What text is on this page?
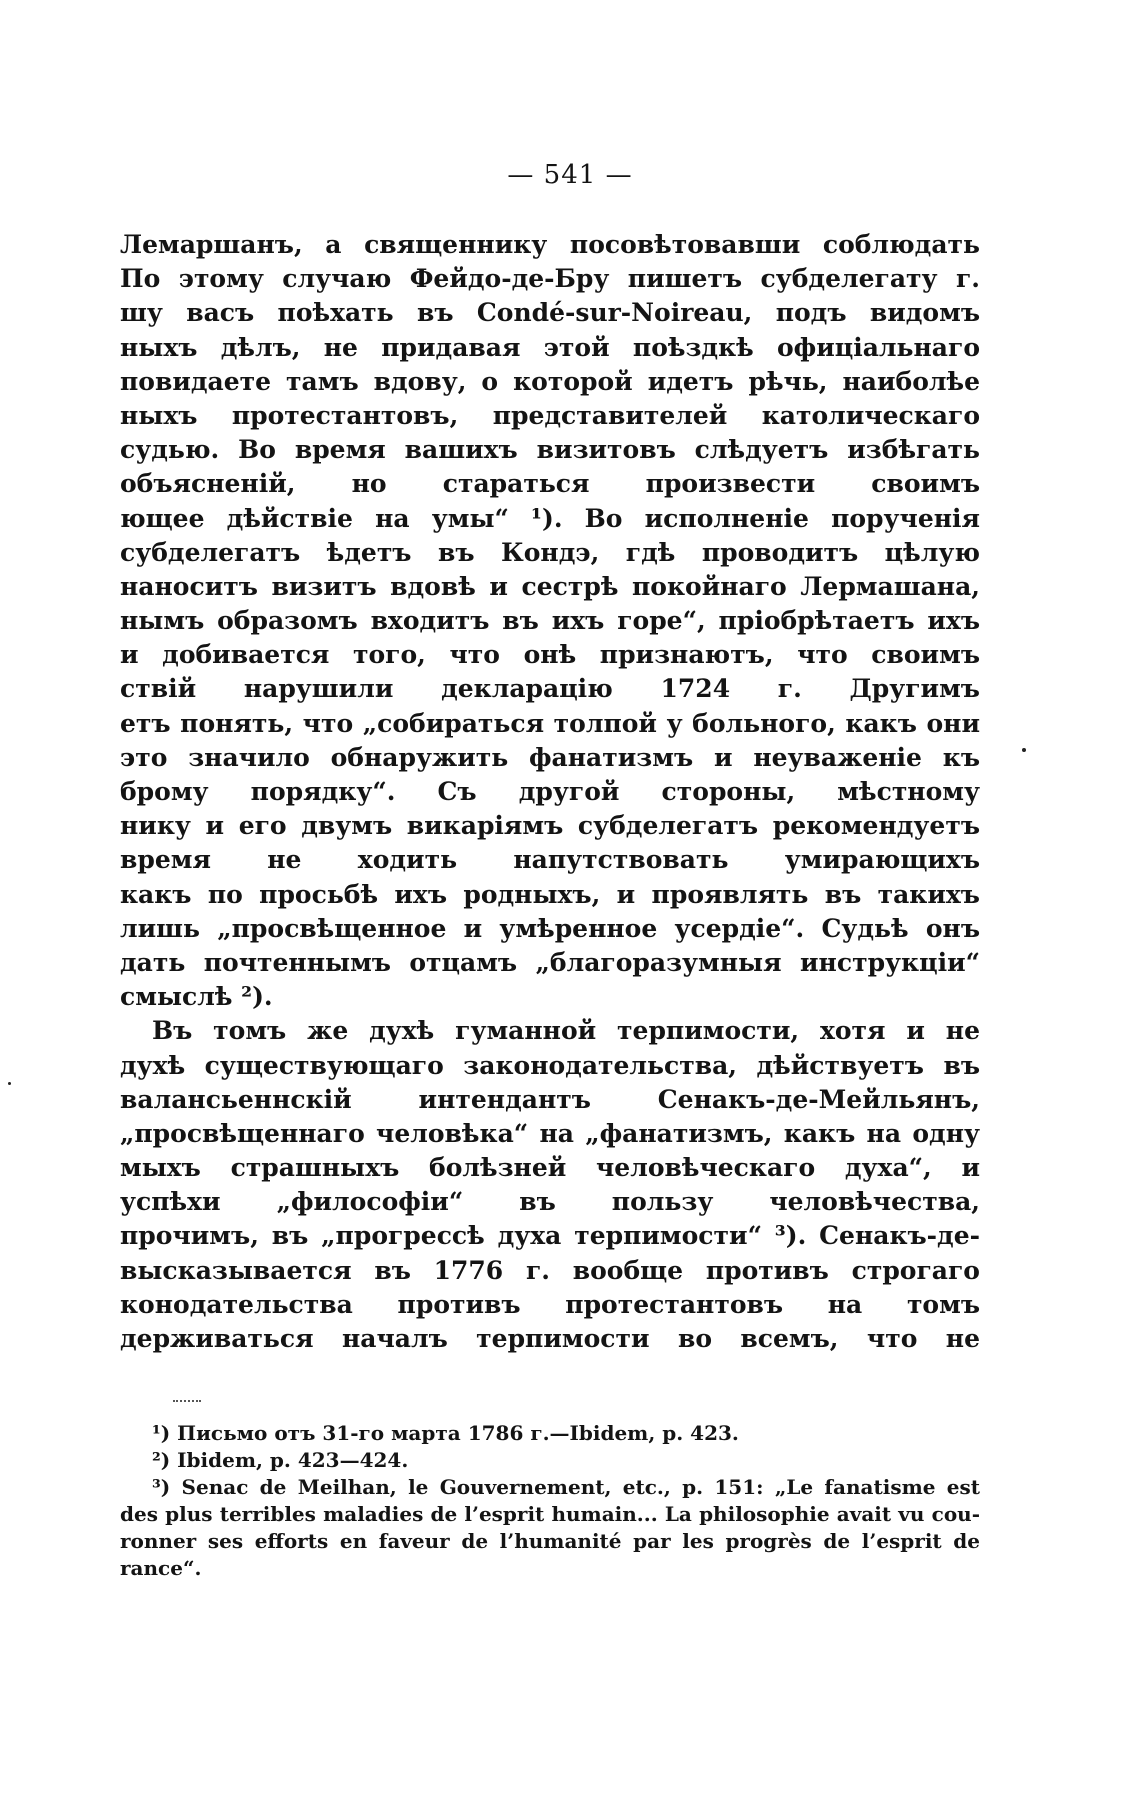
— 541 —
Лемаршанъ, а священнику посовѣтовавши соблюдать
По этому случаю Фейдо-де-Бру пишетъ субделегату г.
шу васъ поѣхать въ Condé-sur-Noireau, подъ видомъ
ныхъ дѣлъ, не придавая этой поѣздкѣ офиціальнаго
повидаете тамъ вдову, о которой идетъ рѣчь, наиболѣе
ныхъ протестантовъ, представителей католическаго
судью. Во время вашихъ визитовъ слѣдуетъ избѣгать
объясненій, но стараться произвести своимъ
ющее дѣйствіе на умы“ ¹). Во исполненіе порученія
субделегатъ ѣдетъ въ Кондэ, гдѣ проводитъ цѣлую
наноситъ визитъ вдовѣ и сестрѣ покойнаго Лермашана,
нымъ образомъ входитъ въ ихъ горе“, пріобрѣтаетъ ихъ
и добивается того, что онѣ признаютъ, что своимъ
ствій нарушили декларацію 1724 г. Другимъ
етъ понять, что „собираться толпой у больного, какъ они
это значило обнаружить фанатизмъ и неуваженіе къ
брому порядку“. Съ другой стороны, мѣстному
нику и его двумъ викаріямъ субделегатъ рекомендуетъ
время не ходить напутствовать умирающихъ
какъ по просьбѣ ихъ родныхъ, и проявлять въ такихъ
лишь „просвѣщенное и умѣренное усердіе“. Судьѣ онъ
дать почтеннымъ отцамъ „благоразумныя инструкціи“
смыслѣ ²).
Въ томъ же духѣ гуманной терпимости, хотя и не
духѣ существующаго законодательства, дѣйствуетъ въ
валансьеннскій интендантъ Сенакъ-де-Мейльянъ,
„просвѣщеннаго человѣка“ на „фанатизмъ, какъ на одну
мыхъ страшныхъ болѣзней человѣческаго духа“, и
успѣхи „философіи“ въ пользу человѣчества,
прочимъ, въ „прогрессѣ духа терпимости“ ³). Сенакъ-де-
высказывается въ 1776 г. вообще противъ строгаго
конодательства противъ протестантовъ на томъ
держиваться началъ терпимости во всемъ, что не
¹) Письмо отъ 31-го марта 1786 г.—Ibidem, p. 423.
²) Ibidem, p. 423—424.
³) Senac de Meilhan, le Gouvernement, etc., p. 151: „Le fanatisme est
des plus terribles maladies de l’esprit humain... La philosophie avait vu cou-
ronner ses efforts en faveur de l’humanité par les progrès de l’esprit de
rance“.
